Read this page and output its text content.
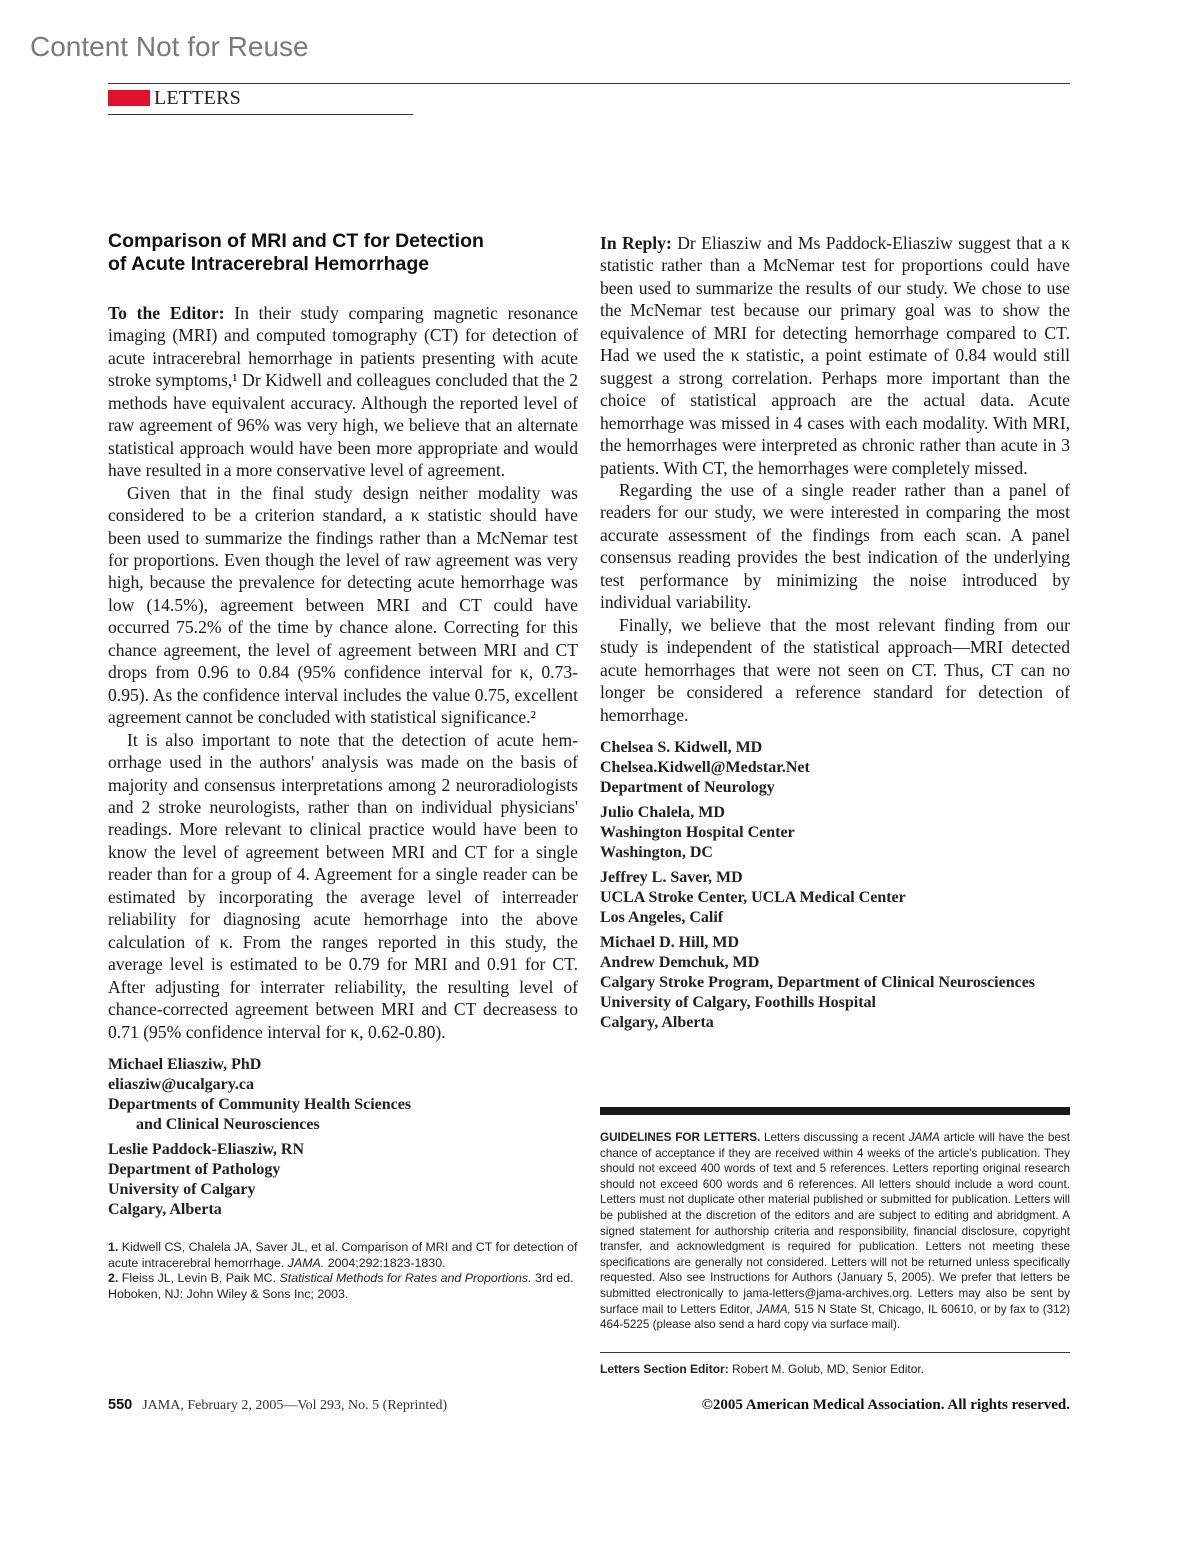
Content Not for Reuse
LETTERS
Comparison of MRI and CT for Detection
of Acute Intracerebral Hemorrhage

To the Editor: In their study comparing magnetic resonance imaging (MRI) and computed tomography (CT) for detection of acute intracerebral hemorrhage in patients presenting with acute stroke symptoms,¹ Dr Kidwell and colleagues concluded that the 2 methods have equivalent accuracy. Although the reported level of raw agreement of 96% was very high, we believe that an alternate statistical approach would have been more appropriate and would have resulted in a more conservative level of agreement.

Given that in the final study design neither modality was considered to be a criterion standard, a κ statistic should have been used to summarize the findings rather than a McNemar test for proportions. Even though the level of raw agreement was very high, because the prevalence for detecting acute hemorrhage was low (14.5%), agreement between MRI and CT could have occurred 75.2% of the time by chance alone. Correcting for this chance agreement, the level of agreement between MRI and CT drops from 0.96 to 0.84 (95% confidence interval for κ, 0.73-0.95). As the confidence interval includes the value 0.75, excellent agreement cannot be concluded with statistical significance.²

It is also important to note that the detection of acute hemorrhage used in the authors' analysis was made on the basis of majority and consensus interpretations among 2 neuroradiologists and 2 stroke neurologists, rather than on individual physicians' readings. More relevant to clinical practice would have been to know the level of agreement between MRI and CT for a single reader than for a group of 4. Agreement for a single reader can be estimated by incorporating the average level of interreader reliability for diagnosing acute hemorrhage into the above calculation of κ. From the ranges reported in this study, the average level is estimated to be 0.79 for MRI and 0.91 for CT. After adjusting for interrater reliability, the resulting level of chance-corrected agreement between MRI and CT decreasess to 0.71 (95% confidence interval for κ, 0.62-0.80).

Michael Eliasziw, PhD
eliasziw@ucalgary.ca
Departments of Community Health Sciences
and Clinical Neurosciences
Leslie Paddock-Eliasziw, RN
Department of Pathology
University of Calgary
Calgary, Alberta

1. Kidwell CS, Chalela JA, Saver JL, et al. Comparison of MRI and CT for detection of acute intracerebral hemorrhage. JAMA. 2004;292:1823-1830.

2. Fleiss JL, Levin B, Paik MC. Statistical Methods for Rates and Proportions. 3rd ed. Hoboken, NJ: John Wiley & Sons Inc; 2003.

In Reply: Dr Eliasziw and Ms Paddock-Eliasziw suggest that a κ statistic rather than a McNemar test for proportions could have been used to summarize the results of our study. We chose to use the McNemar test because our primary goal was to show the equivalence of MRI for detecting hemorrhage compared to CT. Had we used the κ statistic, a point estimate of 0.84 would still suggest a strong correlation. Perhaps more important than the choice of statistical approach are the actual data. Acute hemorrhage was missed in 4 cases with each modality. With MRI, the hemorrhages were interpreted as chronic rather than acute in 3 patients. With CT, the hemorrhages were completely missed.

Regarding the use of a single reader rather than a panel of readers for our study, we were interested in comparing the most accurate assessment of the findings from each scan. A panel consensus reading provides the best indication of the underlying test performance by minimizing the noise introduced by individual variability.

Finally, we believe that the most relevant finding from our study is independent of the statistical approach—MRI detected acute hemorrhages that were not seen on CT. Thus, CT can no longer be considered a reference standard for detection of hemorrhage.

Chelsea S. Kidwell, MD
Chelsea.Kidwell@Medstar.Net
Department of Neurology
Julio Chalela, MD
Washington Hospital Center
Washington, DC
Jeffrey L. Saver, MD
UCLA Stroke Center, UCLA Medical Center
Los Angeles, Calif
Michael D. Hill, MD
Andrew Demchuk, MD
Calgary Stroke Program, Department of Clinical Neurosciences
University of Calgary, Foothills Hospital
Calgary, Alberta

GUIDELINES FOR LETTERS. Letters discussing a recent JAMA article will have the best chance of acceptance if they are received within 4 weeks of the article's publication. They should not exceed 400 words of text and 5 references. Letters reporting original research should not exceed 600 words and 6 references. All letters should include a word count. Letters must not duplicate other material published or submitted for publication. Letters will be published at the discretion of the editors and are subject to editing and abridgment. A signed statement for authorship criteria and responsibility, financial disclosure, copyright transfer, and acknowledgment is required for publication. Letters not meeting these specifications are generally not considered. Letters will not be returned unless specifically requested. Also see Instructions for Authors (January 5, 2005). We prefer that letters be submitted electronically to jama-letters@jama-archives.org. Letters may also be sent by surface mail to Letters Editor, JAMA, 515 N State St, Chicago, IL 60610, or by fax to (312) 464-5225 (please also send a hard copy via surface mail).

Letters Section Editor: Robert M. Golub, MD, Senior Editor.
550 JAMA, February 2, 2005—Vol 293, No. 5 (Reprinted)	©2005 American Medical Association. All rights reserved.
